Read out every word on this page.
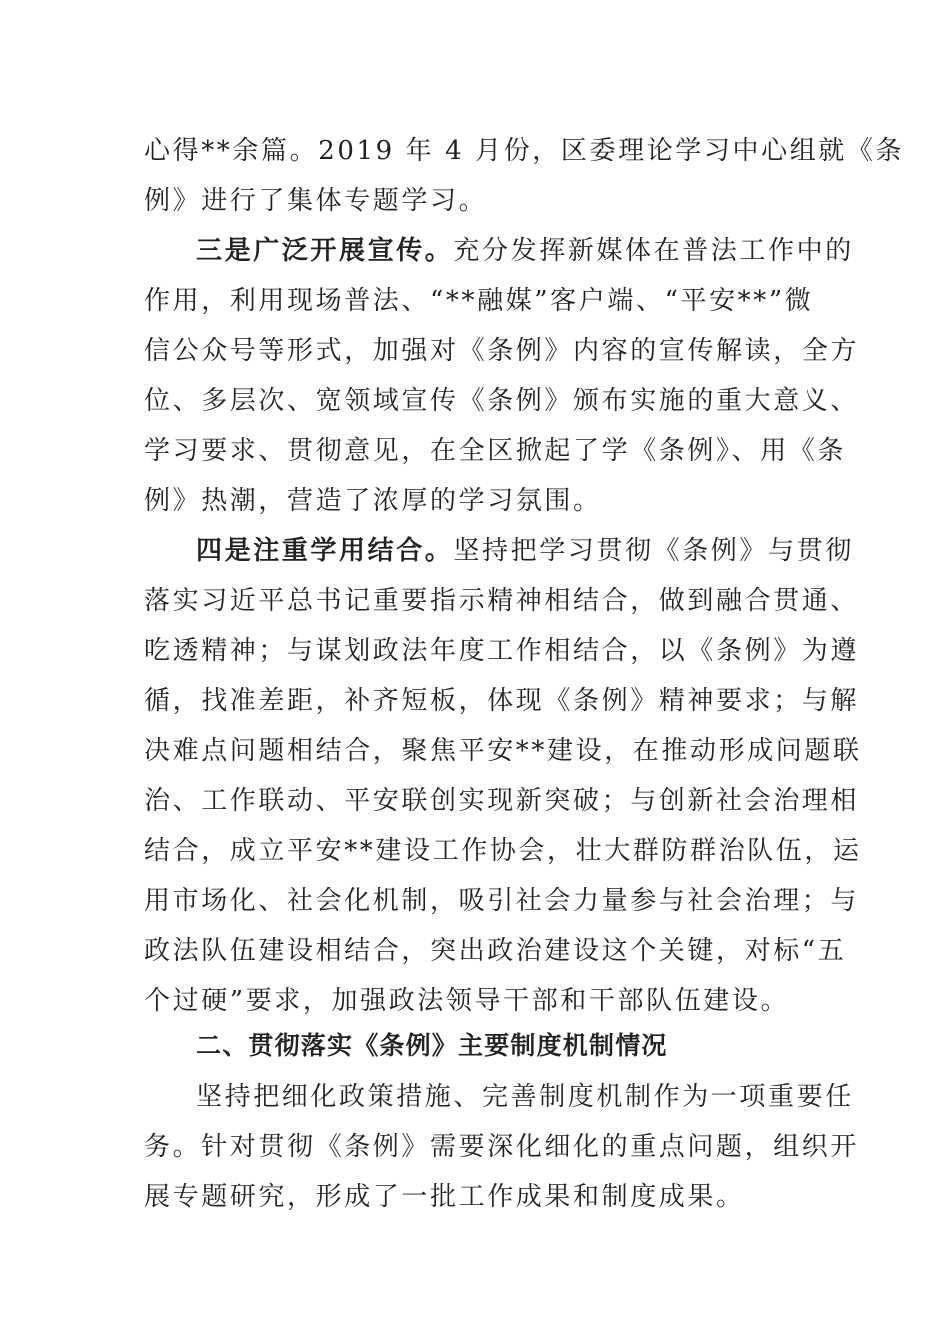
心得**余篇。2019 年 4 月份，区委理论学习中心组就《条
例》进行了集体专题学习。
三是广泛开展宣传。充分发挥新媒体在普法工作中的
作用，利用现场普法、“**融媒”客户端、“平安**”微
信公众号等形式，加强对《条例》内容的宣传解读，全方
位、多层次、宽领域宣传《条例》颁布实施的重大意义、
学习要求、贯彻意见，在全区掀起了学《条例》、用《条
例》热潮，营造了浓厚的学习氛围。
四是注重学用结合。坚持把学习贯彻《条例》与贯彻
落实习近平总书记重要指示精神相结合，做到融合贯通、
吃透精神；与谋划政法年度工作相结合，以《条例》为遵
循，找准差距，补齐短板，体现《条例》精神要求；与解
决难点问题相结合，聚焦平安**建设，在推动形成问题联
治、工作联动、平安联创实现新突破；与创新社会治理相
结合，成立平安**建设工作协会，壮大群防群治队伍，运
用市场化、社会化机制，吸引社会力量参与社会治理；与
政法队伍建设相结合，突出政治建设这个关键，对标“五
个过硬”要求，加强政法领导干部和干部队伍建设。
二、贯彻落实《条例》主要制度机制情况
坚持把细化政策措施、完善制度机制作为一项重要任
务。针对贯彻《条例》需要深化细化的重点问题，组织开
展专题研究，形成了一批工作成果和制度成果。
